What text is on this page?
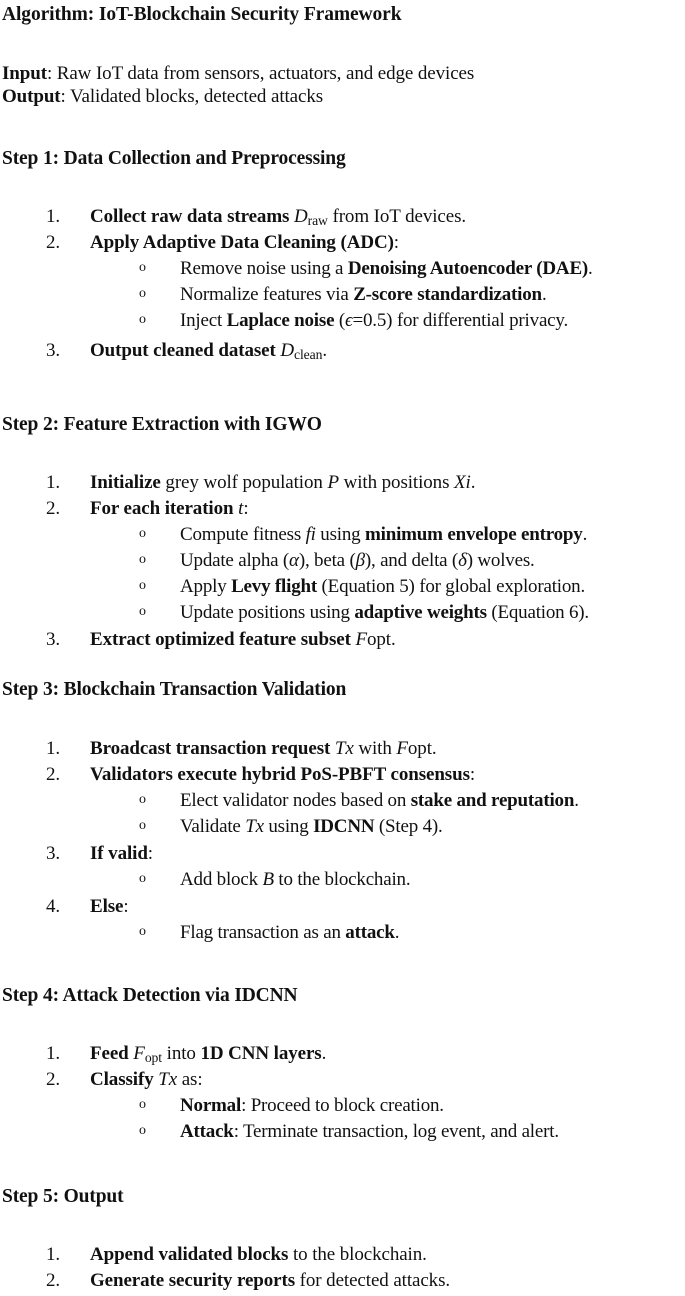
Algorithm: IoT-Blockchain Security Framework
Input: Raw IoT data from sensors, actuators, and edge devices
Output: Validated blocks, detected attacks
Step 1: Data Collection and Preprocessing
1.	Collect raw data streams $D_{raw}$ from IoT devices.
2.	Apply Adaptive Data Cleaning (ADC):
o Remove noise using a Denoising Autoencoder (DAE).
o Normalize features via Z-score standardization.
o Inject Laplace noise (ϵ=0.5) for differential privacy.
3.	Output cleaned dataset $D_{clean}$.
Step 2: Feature Extraction with IGWO
1.	Initialize grey wolf population P with positions Xi.
2.	For each iteration t:
o Compute fitness fi using minimum envelope entropy.
o Update alpha (α), beta (β), and delta (δ) wolves.
o Apply Levy flight (Equation 5) for global exploration.
o Update positions using adaptive weights (Equation 6).
3.	Extract optimized feature subset Fopt.
Step 3: Blockchain Transaction Validation
1.	Broadcast transaction request Tx with Fopt.
2.	Validators execute hybrid PoS-PBFT consensus:
o Elect validator nodes based on stake and reputation.
o Validate Tx using IDCNN (Step 4).
3.	If valid:
o Add block B to the blockchain.
4.	Else:
o Flag transaction as an attack.
Step 4: Attack Detection via IDCNN
1.	Feed $F_{opt}$ into 1D CNN layers.
2.	Classify Tx as:
o Normal: Proceed to block creation.
o Attack: Terminate transaction, log event, and alert.
Step 5: Output
1.	Append validated blocks to the blockchain.
2.	Generate security reports for detected attacks.
